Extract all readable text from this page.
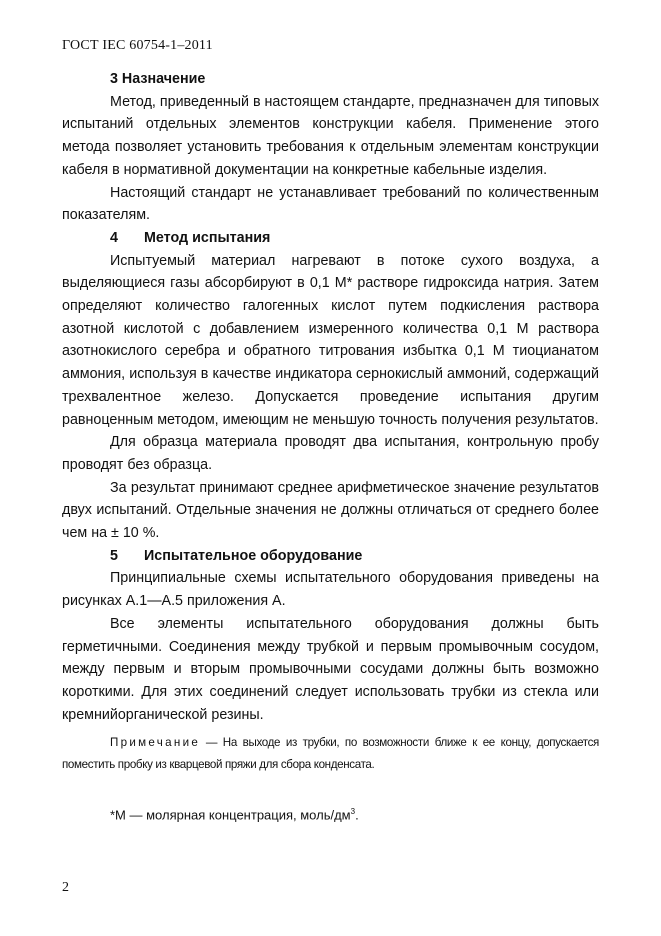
ГОСТ IEC 60754-1–2011
3 Назначение

Метод, приведенный в настоящем стандарте, предназначен для типовых испытаний отдельных элементов конструкции кабеля. Применение этого метода позволяет установить требования к отдельным элементам конструкции кабеля в нормативной документации на конкретные кабельные изделия.

Настоящий стандарт не устанавливает требований по количественным показателям.

4 Метод испытания

Испытуемый материал нагревают в потоке сухого воздуха, а выделяющиеся газы абсорбируют в 0,1 М* растворе гидроксида натрия. Затем определяют количество галогенных кислот путем подкисления раствора азотной кислотой с добавлением измеренного количества 0,1 М раствора азотнокислого серебра и обратного титрования избытка 0,1 М тиоцианатом аммония, используя в качестве индикатора сернокислый аммоний, содержащий трехвалентное железо. Допускается проведение испытания другим равноценным методом, имеющим не меньшую точность получения результатов.

Для образца материала проводят два испытания, контрольную пробу проводят без образца.

За результат принимают среднее арифметическое значение результатов двух испытаний. Отдельные значения не должны отличаться от среднего более чем на ± 10 %.

5 Испытательное оборудование

Принципиальные схемы испытательного оборудования приведены на рисунках А.1—А.5 приложения А.

Все элементы испытательного оборудования должны быть герметичными. Соединения между трубкой и первым промывочным сосудом, между первым и вторым промывочными сосудами должны быть возможно короткими. Для этих соединений следует использовать трубки из стекла или кремнийорганической резины.

Примечание — На выходе из трубки, по возможности ближе к ее концу, допускается поместить пробку из кварцевой пряжи для сбора конденсата.

*М — молярная концентрация, моль/$дм^3$.
2
